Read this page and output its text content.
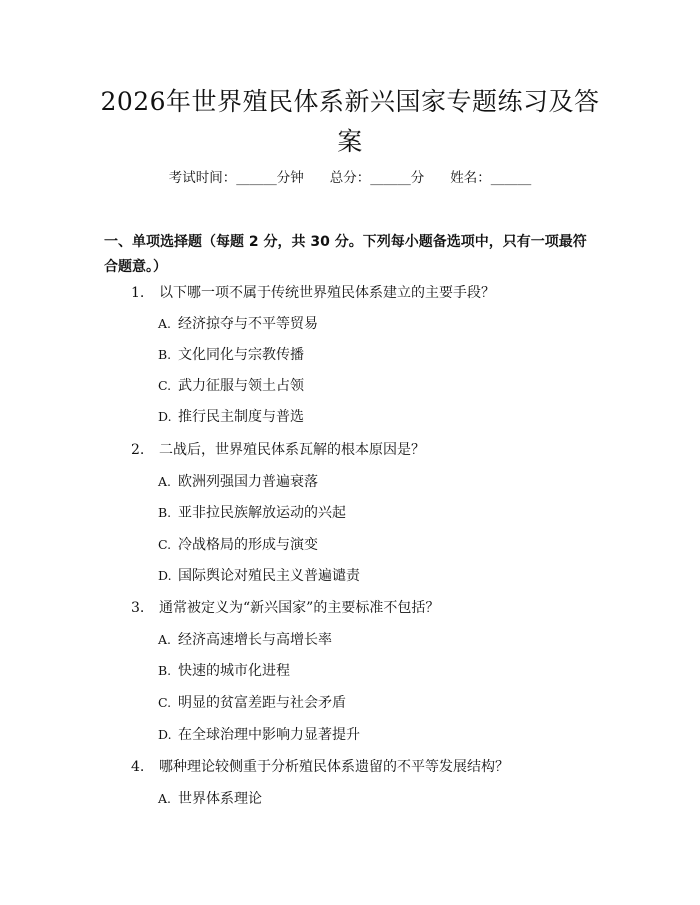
2026年世界殖民体系新兴国家专题练习及答案
考试时间：______分钟 总分：______分 姓名：______
一、单项选择题（每题 2 分，共 30 分。下列每小题备选项中，只有一项最符合题意。）
1. 以下哪一项不属于传统世界殖民体系建立的主要手段？
A. 经济掠夺与不平等贸易
B. 文化同化与宗教传播
C. 武力征服与领土占领
D. 推行民主制度与普选
2. 二战后，世界殖民体系瓦解的根本原因是？
A. 欧洲列强国力普遍衰落
B. 亚非拉民族解放运动的兴起
C. 冷战格局的形成与演变
D. 国际舆论对殖民主义普遍谴责
3. 通常被定义为“新兴国家”的主要标准不包括？
A. 经济高速增长与高增长率
B. 快速的城市化进程
C. 明显的贫富差距与社会矛盾
D. 在全球治理中影响力显著提升
4. 哪种理论较侧重于分析殖民体系遗留的不平等发展结构？
A. 世界体系理论
